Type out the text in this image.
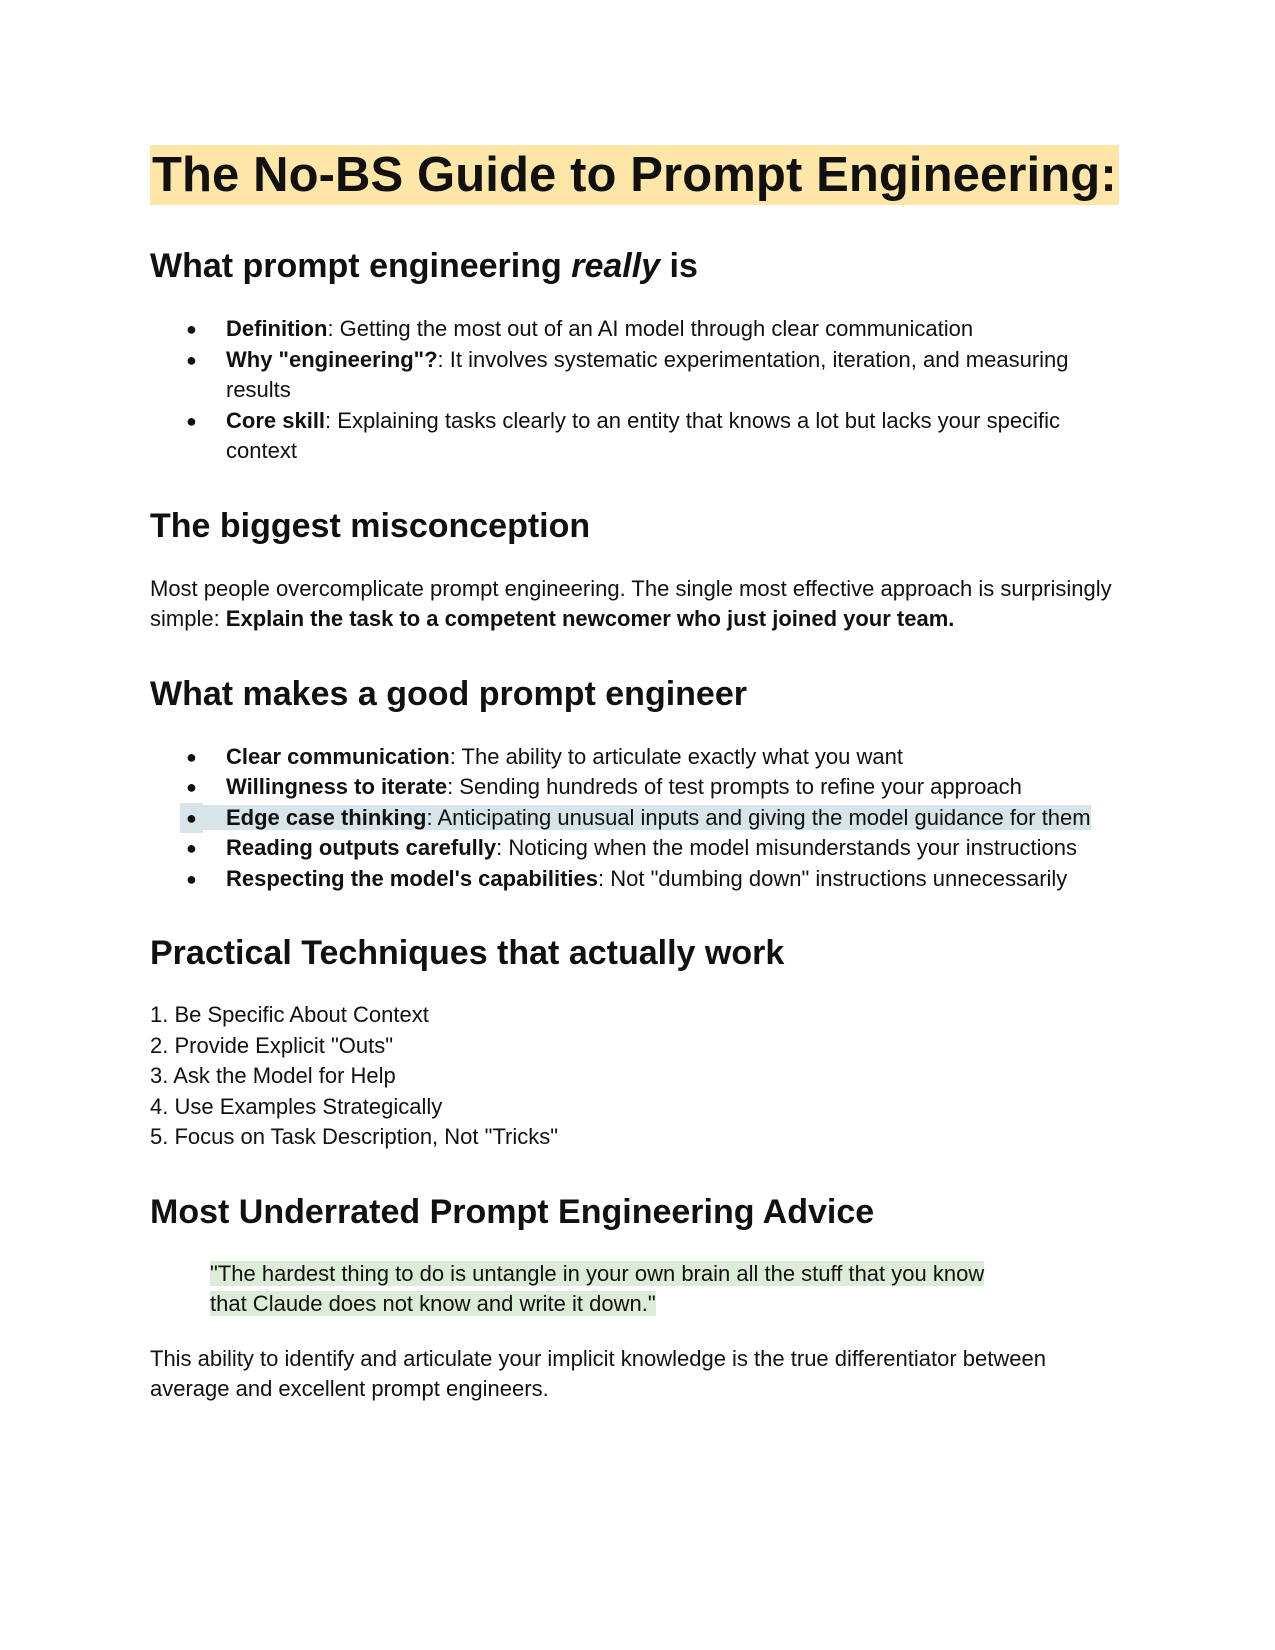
The No-BS Guide to Prompt Engineering:
What prompt engineering really is
● Definition: Getting the most out of an AI model through clear communication
● Why "engineering"?: It involves systematic experimentation, iteration, and measuring results
● Core skill: Explaining tasks clearly to an entity that knows a lot but lacks your specific context
The biggest misconception

Most people overcomplicate prompt engineering. The single most effective approach is surprisingly simple: Explain the task to a competent newcomer who just joined your team.

What makes a good prompt engineer
● Clear communication: The ability to articulate exactly what you want
● Willingness to iterate: Sending hundreds of test prompts to refine your approach
● Edge case thinking: Anticipating unusual inputs and giving the model guidance for them
● Reading outputs carefully: Noticing when the model misunderstands your instructions
● Respecting the model's capabilities: Not "dumbing down" instructions unnecessarily
Practical Techniques that actually work
1. Be Specific About Context
2. Provide Explicit "Outs"
3. Ask the Model for Help
4. Use Examples Strategically
5. Focus on Task Description, Not "Tricks"
Most Underrated Prompt Engineering Advice
"The hardest thing to do is untangle in your own brain all the stuff that you know that Claude does not know and write it down."

This ability to identify and articulate your implicit knowledge is the true differentiator between average and excellent prompt engineers.
